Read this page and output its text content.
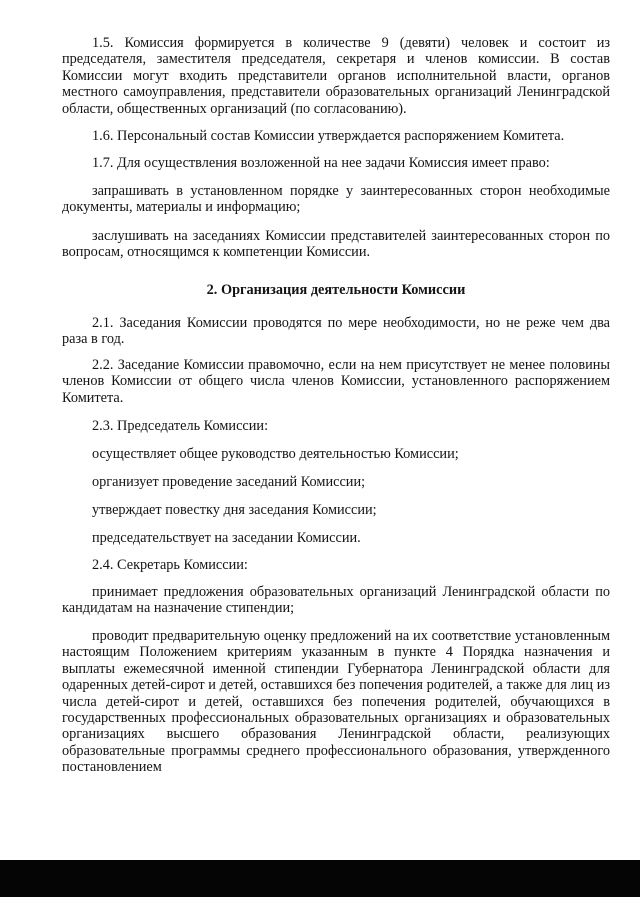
1.5. Комиссия формируется в количестве 9 (девяти) человек и состоит из председателя, заместителя председателя, секретаря и членов комиссии. В состав Комиссии могут входить представители органов исполнительной власти, органов местного самоуправления, представители образовательных организаций Ленинградской области, общественных организаций (по согласованию).

1.6. Персональный состав Комиссии утверждается распоряжением Комитета.

1.7. Для осуществления возложенной на нее задачи Комиссия имеет право:

запрашивать в установленном порядке у заинтересованных сторон необходимые документы, материалы и информацию;

заслушивать на заседаниях Комиссии представителей заинтересованных сторон по вопросам, относящимся к компетенции Комиссии.

2. Организация деятельности Комиссии

2.1. Заседания Комиссии проводятся по мере необходимости, но не реже чем два раза в год.

2.2. Заседание Комиссии правомочно, если на нем присутствует не менее половины членов Комиссии от общего числа членов Комиссии, установленного распоряжением Комитета.

2.3. Председатель Комиссии:

осуществляет общее руководство деятельностью Комиссии;

организует проведение заседаний Комиссии;

утверждает повестку дня заседания Комиссии;

председательствует на заседании Комиссии.

2.4. Секретарь Комиссии:

принимает предложения образовательных организаций Ленинградской области по кандидатам на назначение стипендии;

проводит предварительную оценку предложений на их соответствие установленным настоящим Положением критериям указанным в пункте 4 Порядка назначения и выплаты ежемесячной именной стипендии Губернатора Ленинградской области для одаренных детей-сирот и детей, оставшихся без попечения родителей, а также для лиц из числа детей-сирот и детей, оставшихся без попечения родителей, обучающихся в государственных профессиональных образовательных организациях и образовательных организациях высшего образования Ленинградской области, реализующих образовательные программы среднего профессионального образования, утвержденного постановлением
